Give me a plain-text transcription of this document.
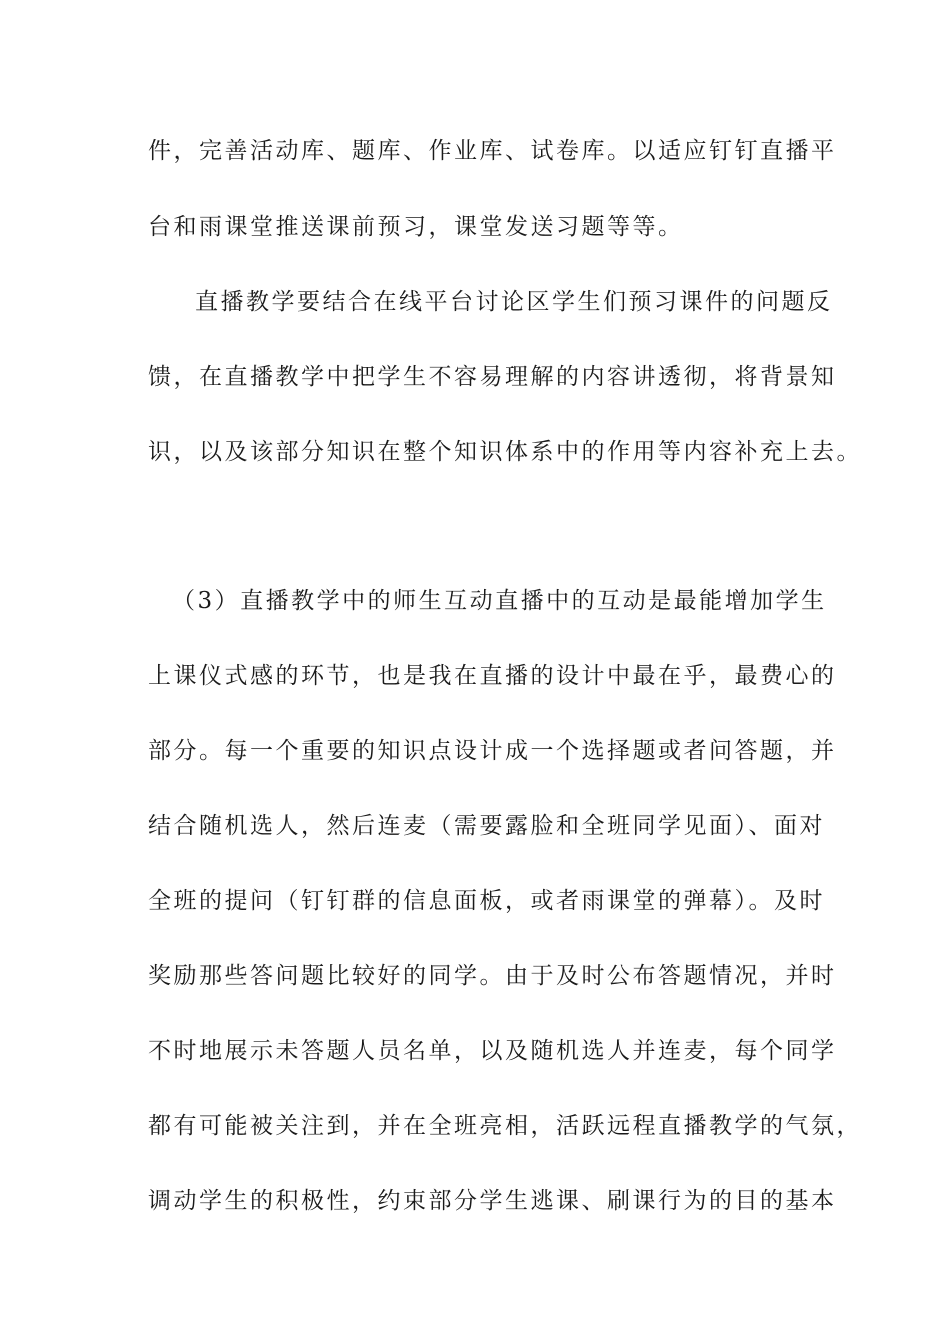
件，完善活动库、题库、作业库、试卷库。以适应钉钉直播平
台和雨课堂推送课前预习，课堂发送习题等等。
直播教学要结合在线平台讨论区学生们预习课件的问题反
馈，在直播教学中把学生不容易理解的内容讲透彻，将背景知
识，以及该部分知识在整个知识体系中的作用等内容补充上去。
（3）直播教学中的师生互动直播中的互动是最能增加学生
上课仪式感的环节，也是我在直播的设计中最在乎，最费心的
部分。每一个重要的知识点设计成一个选择题或者问答题，并
结合随机选人，然后连麦（需要露脸和全班同学见面）、面对
全班的提问（钉钉群的信息面板，或者雨课堂的弹幕）。及时
奖励那些答问题比较好的同学。由于及时公布答题情况，并时
不时地展示未答题人员名单，以及随机选人并连麦，每个同学
都有可能被关注到，并在全班亮相，活跃远程直播教学的气氛，
调动学生的积极性，约束部分学生逃课、刷课行为的目的基本
